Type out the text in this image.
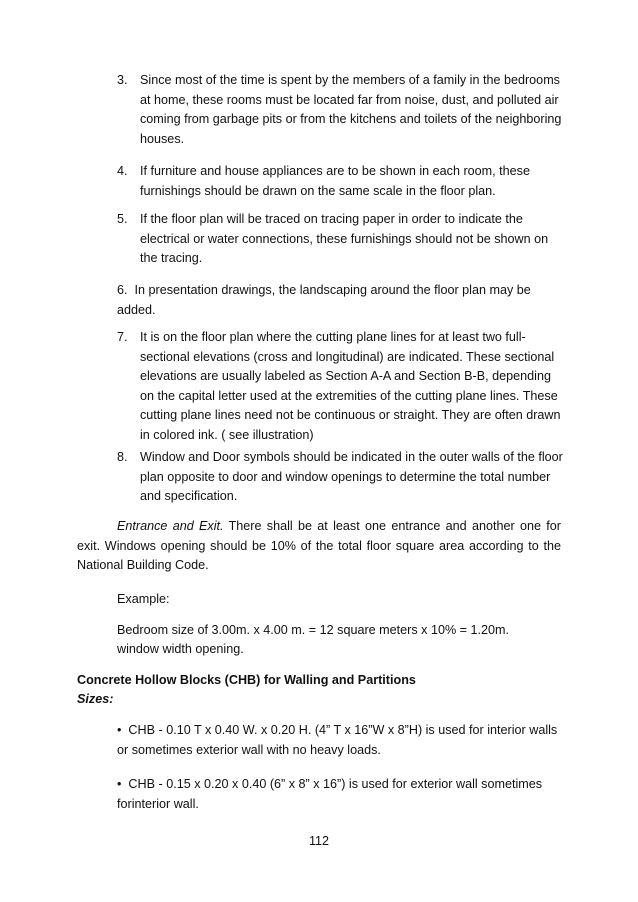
3. Since most of the time is spent by the members of a family in the bedrooms at home, these rooms must be located far from noise, dust, and polluted air coming from garbage pits or from the kitchens and toilets of the neighboring houses.
4. If furniture and house appliances are to be shown in each room, these furnishings should be drawn on the same scale in the floor plan.
5. If the floor plan will be traced on tracing paper in order to indicate the electrical or water connections, these furnishings should not be shown on the tracing.
6. In presentation drawings, the landscaping around the floor plan may be added.
7. It is on the floor plan where the cutting plane lines for at least two full-sectional elevations (cross and longitudinal) are indicated. These sectional elevations are usually labeled as Section A-A and Section B-B, depending on the capital letter used at the extremities of the cutting plane lines. These cutting plane lines need not be continuous or straight. They are often drawn in colored ink. ( see illustration)
8. Window and Door symbols should be indicated in the outer walls of the floor plan opposite to door and window openings to determine the total number and specification.
Entrance and Exit. There shall be at least one entrance and another one for exit. Windows opening should be 10% of the total floor square area according to the National Building Code.
Example:
Bedroom size of 3.00m. x 4.00 m. = 12 square meters x 10% = 1.20m.
window width opening.
Concrete Hollow Blocks (CHB) for Walling and Partitions
Sizes:
• CHB - 0.10 T x 0.40 W. x 0.20 H. (4” T x 16”W x 8”H) is used for interior walls or sometimes exterior wall with no heavy loads.
• CHB - 0.15 x 0.20 x 0.40 (6” x 8” x 16”) is used for exterior wall sometimes forinterior wall.
112
